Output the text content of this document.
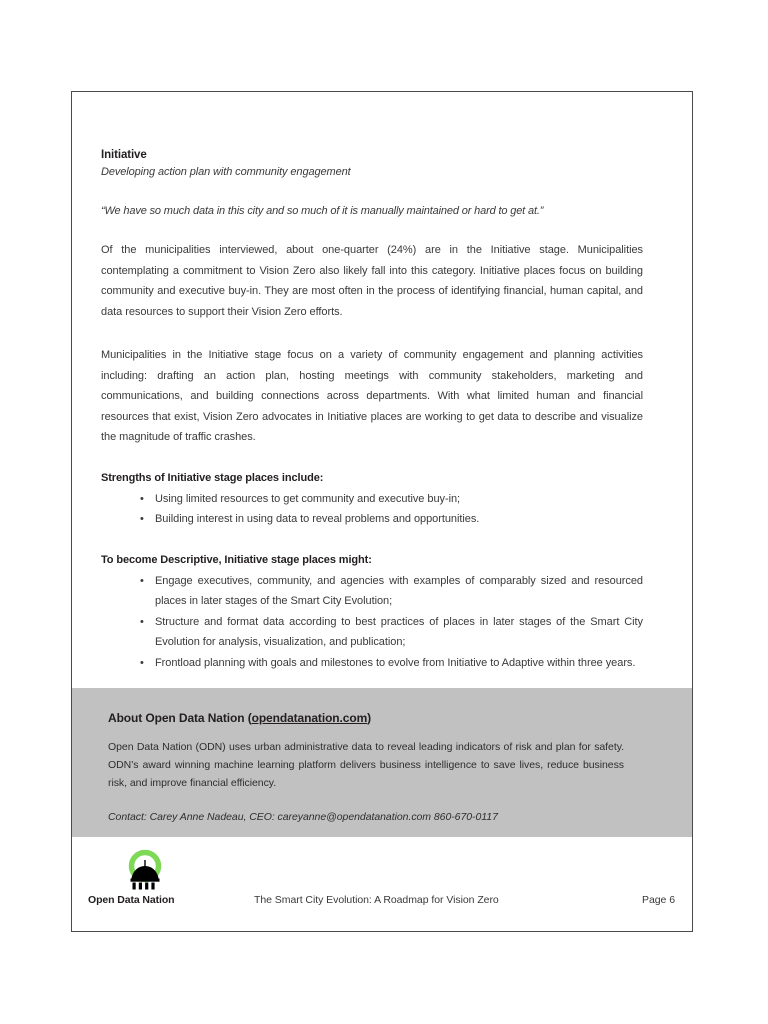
Initiative

Developing action plan with community engagement

“We have so much data in this city and so much of it is manually maintained or hard to get at.”

Of the municipalities interviewed, about one-quarter (24%) are in the Initiative stage. Municipalities contemplating a commitment to Vision Zero also likely fall into this category. Initiative places focus on building community and executive buy-in. They are most often in the process of identifying financial, human capital, and data resources to support their Vision Zero efforts.

Municipalities in the Initiative stage focus on a variety of community engagement and planning activities including: drafting an action plan, hosting meetings with community stakeholders, marketing and communications, and building connections across departments. With what limited human and financial resources that exist, Vision Zero advocates in Initiative places are working to get data to describe and visualize the magnitude of traffic crashes.

Strengths of Initiative stage places include:

• Using limited resources to get community and executive buy-in;
• Building interest in using data to reveal problems and opportunities.

To become Descriptive, Initiative stage places might:

• Engage executives, community, and agencies with examples of comparably sized and resourced places in later stages of the Smart City Evolution;
• Structure and format data according to best practices of places in later stages of the Smart City Evolution for analysis, visualization, and publication;
• Frontload planning with goals and milestones to evolve from Initiative to Adaptive within three years.
About Open Data Nation (opendatanation.com)

Open Data Nation (ODN) uses urban administrative data to reveal leading indicators of risk and plan for safety. ODN’s award winning machine learning platform delivers business intelligence to save lives, reduce business risk, and improve financial efficiency.

Contact: Carey Anne Nadeau, CEO: careyanne@opendatanation.com 860-670-0117

Open Data Nation	The Smart City Evolution: A Roadmap for Vision Zero	Page 6
